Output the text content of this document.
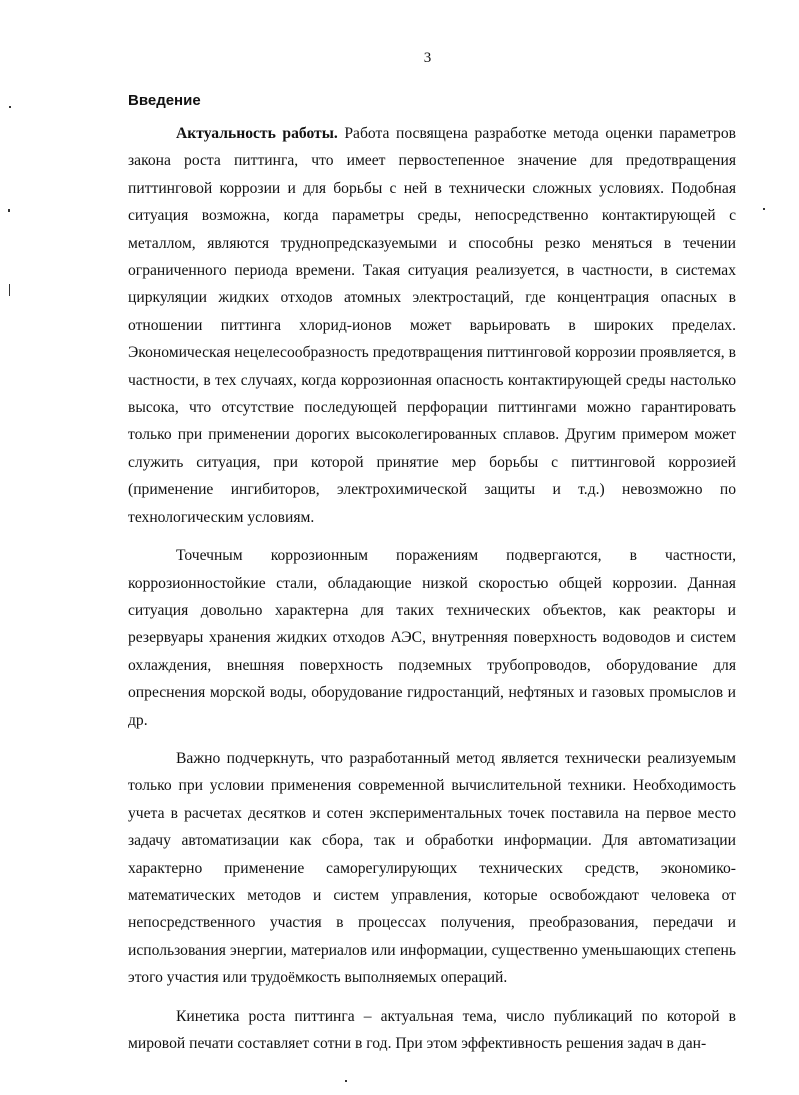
3
Введение

Актуальность работы. Работа посвящена разработке метода оценки параметров закона роста питтинга, что имеет первостепенное значение для предотвращения питтинговой коррозии и для борьбы с ней в технически сложных условиях. Подобная ситуация возможна, когда параметры среды, непосредственно контактирующей с металлом, являются труднопредсказуемыми и способны резко меняться в течении ограниченного периода времени. Такая ситуация реализуется, в частности, в системах циркуляции жидких отходов атомных электростаций, где концентрация опасных в отношении питтинга хлорид-ионов может варьировать в широких пределах. Экономическая нецелесообразность предотвращения питтинговой коррозии проявляется, в частности, в тех случаях, когда коррозионная опасность контактирующей среды настолько высока, что отсутствие последующей перфорации питтингами можно гарантировать только при применении дорогих высоколегированных сплавов. Другим примером может служить ситуация, при которой принятие мер борьбы с питтинговой коррозией (применение ингибиторов, электрохимической защиты и т.д.) невозможно по технологическим условиям.

Точечным коррозионным поражениям подвергаются, в частности, коррозионностойкие стали, обладающие низкой скоростью общей коррозии. Данная ситуация довольно характерна для таких технических объектов, как реакторы и резервуары хранения жидких отходов АЭС, внутренняя поверхность водоводов и систем охлаждения, внешняя поверхность подземных трубопроводов, оборудование для опреснения морской воды, оборудование гидростанций, нефтяных и газовых промыслов и др.

Важно подчеркнуть, что разработанный метод является технически реализуемым только при условии применения современной вычислительной техники. Необходимость учета в расчетах десятков и сотен экспериментальных точек поставила на первое место задачу автоматизации как сбора, так и обработки информации. Для автоматизации характерно применение саморегулирующих технических средств, экономико-математических методов и систем управления, которые освобождают человека от непосредственного участия в процессах получения, преобразования, передачи и использования энергии, материалов или информации, существенно уменьшающих степень этого участия или трудоёмкость выполняемых операций.

Кинетика роста питтинга – актуальная тема, число публикаций по которой в мировой печати составляет сотни в год. При этом эффективность решения задач в дан-
